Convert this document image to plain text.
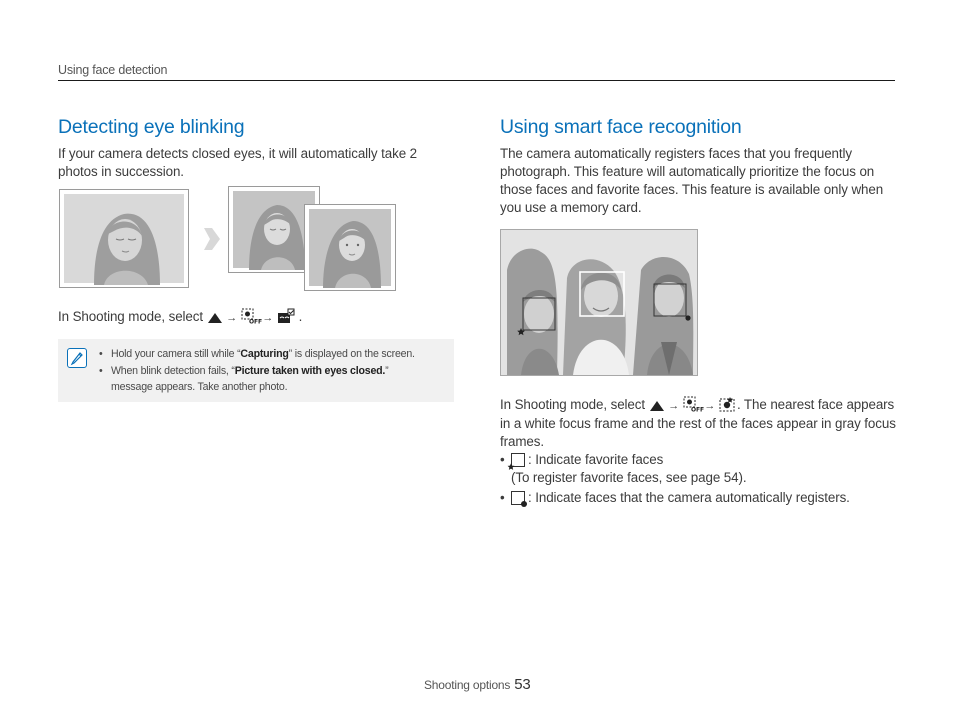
Using face detection
Detecting eye blinking

If your camera detects closed eyes, it will automatically take 2 photos in succession.

In Shooting mode, select → OFF → .
• Hold your camera still while “Capturing” is displayed on the screen.
• When blink detection fails, “Picture taken with eyes closed.”
message appears. Take another photo.
Using smart face recognition

The camera automatically registers faces that you frequently photograph. This feature will automatically prioritize the focus on those faces and favorite faces. This feature is available only when you use a memory card.

In Shooting mode, select → OFF → . The nearest face appears in a white focus frame and the rest of the faces appear in gray focus frames.
• : Indicate favorite faces
(To register favorite faces, see page 54).
• : Indicate faces that the camera automatically registers.
Shooting options 53
